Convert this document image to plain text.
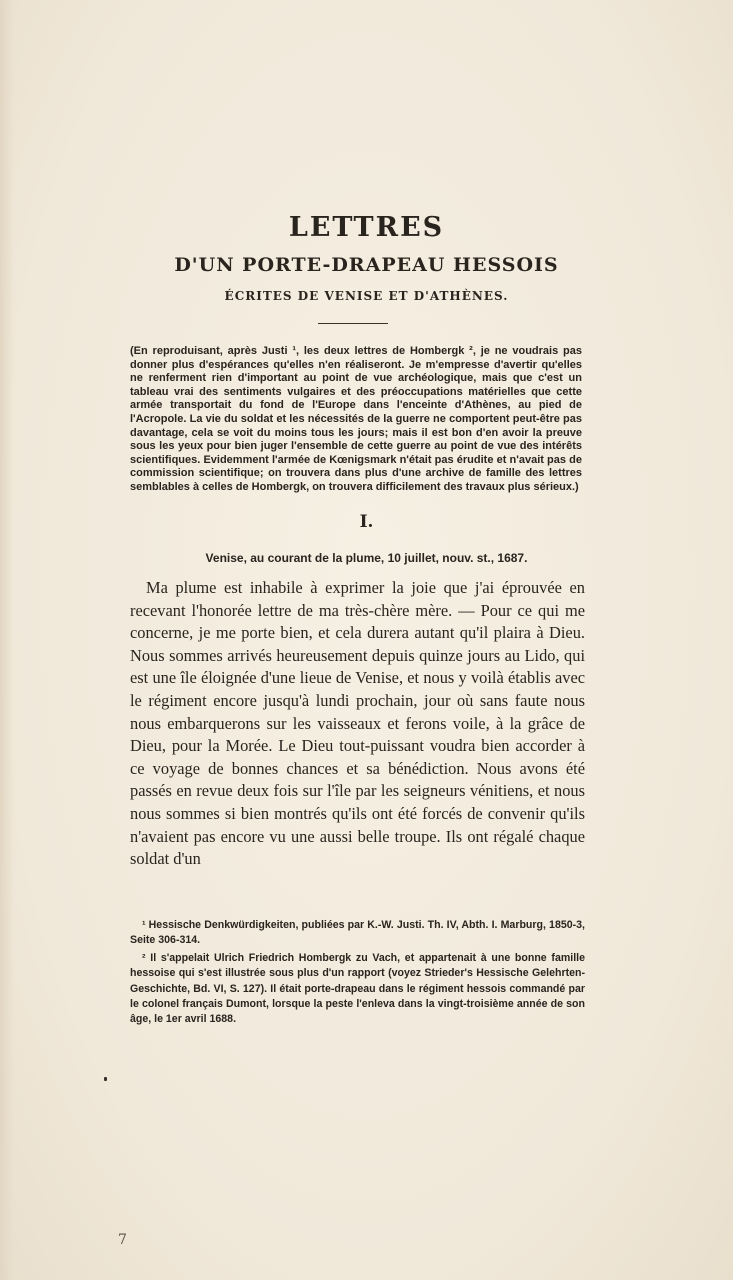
LETTRES
D'UN PORTE-DRAPEAU HESSOIS
ÉCRITES DE VENISE ET D'ATHÈNES.
(En reproduisant, après Justi ¹, les deux lettres de Hombergk ², je ne voudrais pas donner plus d'espérances qu'elles n'en réaliseront. Je m'empresse d'avertir qu'elles ne renferment rien d'important au point de vue archéologique, mais que c'est un tableau vrai des sentiments vulgaires et des préoccupations matérielles que cette armée transportait du fond de l'Europe dans l'enceinte d'Athènes, au pied de l'Acropole. La vie du soldat et les nécessités de la guerre ne comportent peut-être pas davantage, cela se voit du moins tous les jours; mais il est bon d'en avoir la preuve sous les yeux pour bien juger l'ensemble de cette guerre au point de vue des intérêts scientifiques. Evidemment l'armée de Kœnigsmark n'était pas érudite et n'avait pas de commission scientifique; on trouvera dans plus d'une archive de famille des lettres semblables à celles de Hombergk, on trouvera difficilement des travaux plus sérieux.)
I.
Venise, au courant de la plume, 10 juillet, nouv. st., 1687.

Ma plume est inhabile à exprimer la joie que j'ai éprouvée en recevant l'honorée lettre de ma très-chère mère. — Pour ce qui me concerne, je me porte bien, et cela durera autant qu'il plaira à Dieu. Nous sommes arrivés heureusement depuis quinze jours au Lido, qui est une île éloignée d'une lieue de Venise, et nous y voilà établis avec le régiment encore jusqu'à lundi prochain, jour où sans faute nous nous embarquerons sur les vaisseaux et ferons voile, à la grâce de Dieu, pour la Morée. Le Dieu tout-puissant voudra bien accorder à ce voyage de bonnes chances et sa bénédiction. Nous avons été passés en revue deux fois sur l'île par les seigneurs vénitiens, et nous nous sommes si bien montrés qu'ils ont été forcés de convenir qu'ils n'avaient pas encore vu une aussi belle troupe. Ils ont régalé chaque soldat d'un

¹ Hessische Denkwürdigkeiten, publiées par K.-W. Justi. Th. IV, Abth. I. Marburg, 1850-3, Seite 306-314.

² Il s'appelait Ulrich Friedrich Hombergk zu Vach, et appartenait à une bonne famille hessoise qui s'est illustrée sous plus d'un rapport (voyez Strieder's Hessische Gelehrten-Geschichte, Bd. VI, S. 127). Il était porte-drapeau dans le régiment hessois commandé par le colonel français Dumont, lorsque la peste l'enleva dans la vingt-troisième année de son âge, le 1er avril 1688.

7
